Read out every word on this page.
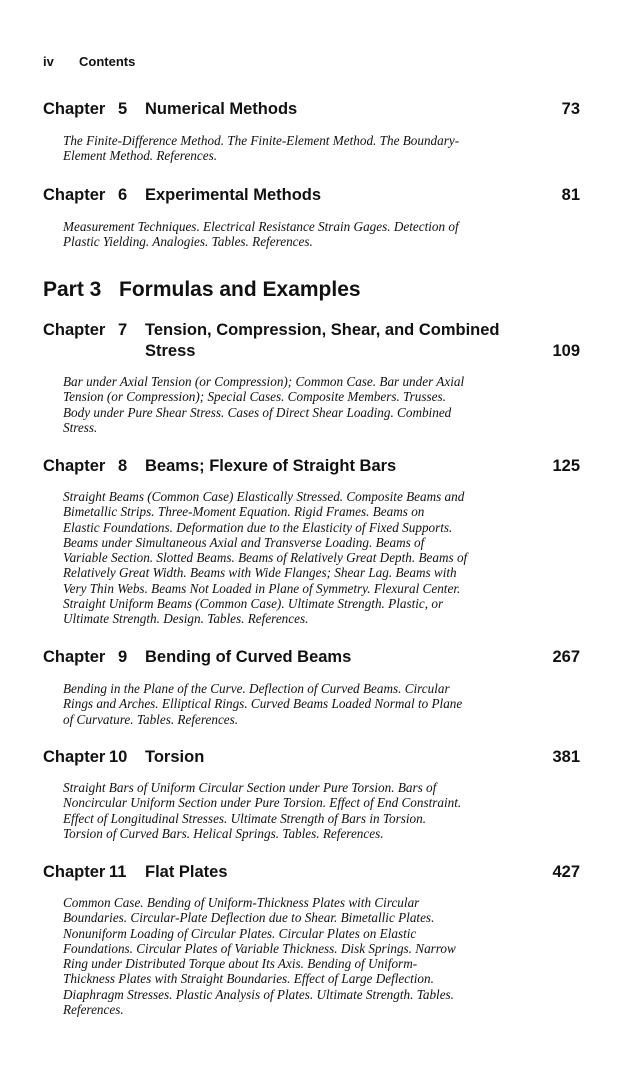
iv Contents
Chapter 5 Numerical Methods	73
The Finite-Difference Method. The Finite-Element Method. The Boundary-
Element Method. References.
Chapter 6 Experimental Methods	81
Measurement Techniques. Electrical Resistance Strain Gages. Detection of
Plastic Yielding. Analogies. Tables. References.
Part 3 Formulas and Examples
Chapter 7 Tension, Compression, Shear, and Combined
Stress	109
Bar under Axial Tension (or Compression); Common Case. Bar under Axial
Tension (or Compression); Special Cases. Composite Members. Trusses.
Body under Pure Shear Stress. Cases of Direct Shear Loading. Combined
Stress.
Chapter 8 Beams; Flexure of Straight Bars	125
Straight Beams (Common Case) Elastically Stressed. Composite Beams and
Bimetallic Strips. Three-Moment Equation. Rigid Frames. Beams on
Elastic Foundations. Deformation due to the Elasticity of Fixed Supports.
Beams under Simultaneous Axial and Transverse Loading. Beams of
Variable Section. Slotted Beams. Beams of Relatively Great Depth. Beams of
Relatively Great Width. Beams with Wide Flanges; Shear Lag. Beams with
Very Thin Webs. Beams Not Loaded in Plane of Symmetry. Flexural Center.
Straight Uniform Beams (Common Case). Ultimate Strength. Plastic, or
Ultimate Strength. Design. Tables. References.
Chapter 9 Bending of Curved Beams	267
Bending in the Plane of the Curve. Deflection of Curved Beams. Circular
Rings and Arches. Elliptical Rings. Curved Beams Loaded Normal to Plane
of Curvature. Tables. References.
Chapter 10 Torsion	381
Straight Bars of Uniform Circular Section under Pure Torsion. Bars of
Noncircular Uniform Section under Pure Torsion. Effect of End Constraint.
Effect of Longitudinal Stresses. Ultimate Strength of Bars in Torsion.
Torsion of Curved Bars. Helical Springs. Tables. References.
Chapter 11 Flat Plates	427
Common Case. Bending of Uniform-Thickness Plates with Circular
Boundaries. Circular-Plate Deflection due to Shear. Bimetallic Plates.
Nonuniform Loading of Circular Plates. Circular Plates on Elastic
Foundations. Circular Plates of Variable Thickness. Disk Springs. Narrow
Ring under Distributed Torque about Its Axis. Bending of Uniform-
Thickness Plates with Straight Boundaries. Effect of Large Deflection.
Diaphragm Stresses. Plastic Analysis of Plates. Ultimate Strength. Tables.
References.
